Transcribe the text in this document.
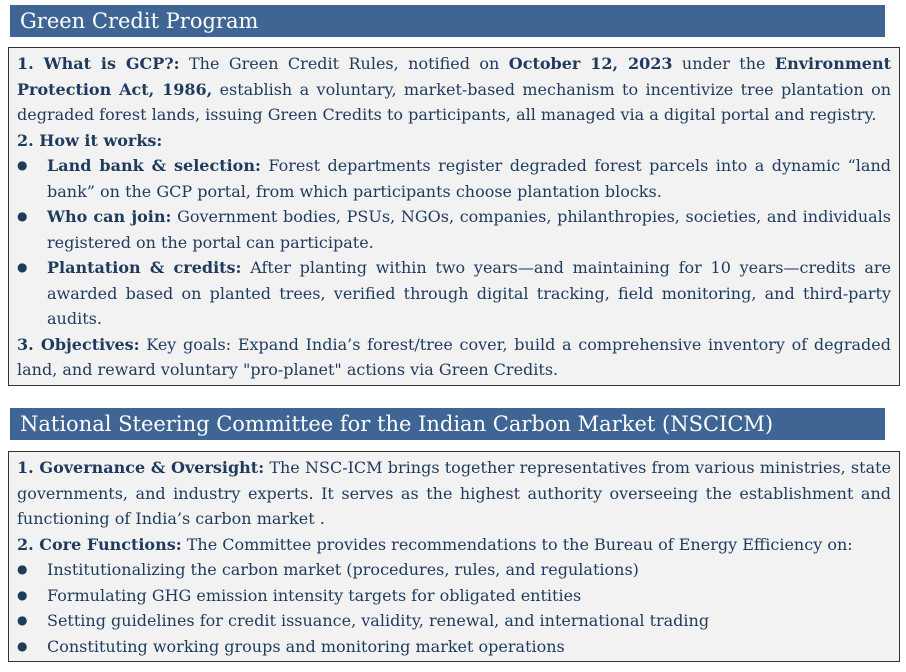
Green Credit Program

1. What is GCP?: The Green Credit Rules, notified on October 12, 2023 under the Environment Protection Act, 1986, establish a voluntary, market-based mechanism to incentivize tree plantation on degraded forest lands, issuing Green Credits to participants, all managed via a digital portal and registry.

2. How it works:

● Land bank & selection: Forest departments register degraded forest parcels into a dynamic “land bank” on the GCP portal, from which participants choose plantation blocks.
● Who can join: Government bodies, PSUs, NGOs, companies, philanthropies, societies, and individuals registered on the portal can participate.
● Plantation & credits: After planting within two years—and maintaining for 10 years—credits are awarded based on planted trees, verified through digital tracking, field monitoring, and third-party audits.

3. Objectives: Key goals: Expand India’s forest/tree cover, build a comprehensive inventory of degraded land, and reward voluntary "pro-planet" actions via Green Credits.

National Steering Committee for the Indian Carbon Market (NSCICM)

1. Governance & Oversight: The NSC-ICM brings together representatives from various ministries, state governments, and industry experts. It serves as the highest authority overseeing the establishment and functioning of India’s carbon market .

2. Core Functions: The Committee provides recommendations to the Bureau of Energy Efficiency on:

● Institutionalizing the carbon market (procedures, rules, and regulations)
● Formulating GHG emission intensity targets for obligated entities
● Setting guidelines for credit issuance, validity, renewal, and international trading
● Constituting working groups and monitoring market operations
